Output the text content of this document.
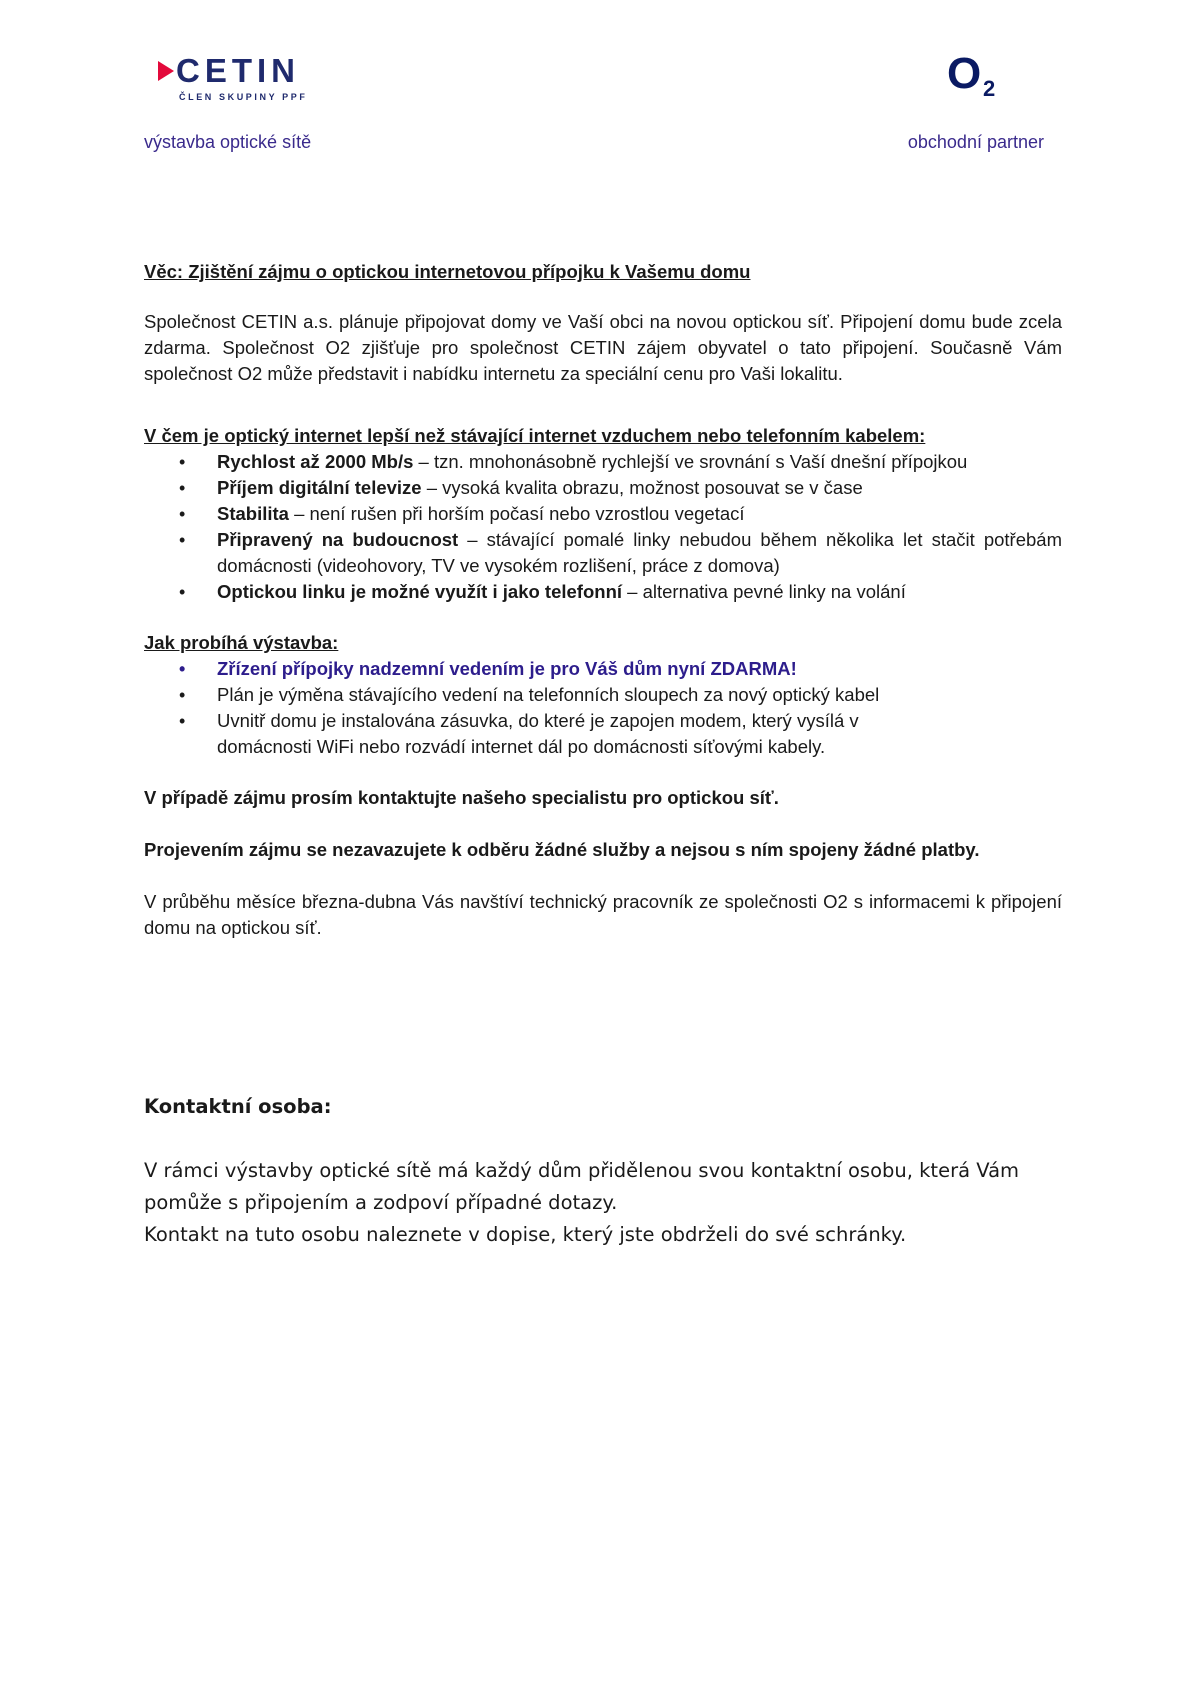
CETIN
ČLEN SKUPINY PPF	O 2
výstavba optické sítě	obchodní partner

Věc: Zjištění zájmu o optickou internetovou přípojku k Vašemu domu

Společnost CETIN a.s. plánuje připojovat domy ve Vaší obci na novou optickou síť. Připojení domu bude zcela zdarma. Společnost O2 zjišťuje pro společnost CETIN zájem obyvatel o tato připojení. Současně Vám společnost O2 může představit i nabídku internetu za speciální cenu pro Vaši lokalitu.

V čem je optický internet lepší než stávající internet vzduchem nebo telefonním kabelem:

• Rychlost až 2000 Mb/s – tzn. mnohonásobně rychlejší ve srovnání s Vaší dnešní přípojkou
• Příjem digitální televize – vysoká kvalita obrazu, možnost posouvat se v čase
• Stabilita – není rušen při horším počasí nebo vzrostlou vegetací
• Připravený na budoucnost – stávající pomalé linky nebudou během několika let stačit potřebám domácnosti (videohovory, TV ve vysokém rozlišení, práce z domova)
• Optickou linku je možné využít i jako telefonní – alternativa pevné linky na volání

Jak probíhá výstavba:

• Zřízení přípojky nadzemní vedením je pro Váš dům nyní ZDARMA!
• Plán je výměna stávajícího vedení na telefonních sloupech za nový optický kabel
• Uvnitř domu je instalována zásuvka, do které je zapojen modem, který vysílá v domácnosti WiFi nebo rozvádí internet dál po domácnosti síťovými kabely.

V případě zájmu prosím kontaktujte našeho specialistu pro optickou síť.

Projevením zájmu se nezavazujete k odběru žádné služby a nejsou s ním spojeny žádné platby.

V průběhu měsíce března-dubna Vás navštíví technický pracovník ze společnosti O2 s informacemi k připojení domu na optickou síť.

Kontaktní osoba:

V rámci výstavby optické sítě má každý dům přidělenou svou kontaktní osobu, která Vám pomůže s připojením a zodpoví případné dotazy.

Kontakt na tuto osobu naleznete v dopise, který jste obdrželi do své schránky.
